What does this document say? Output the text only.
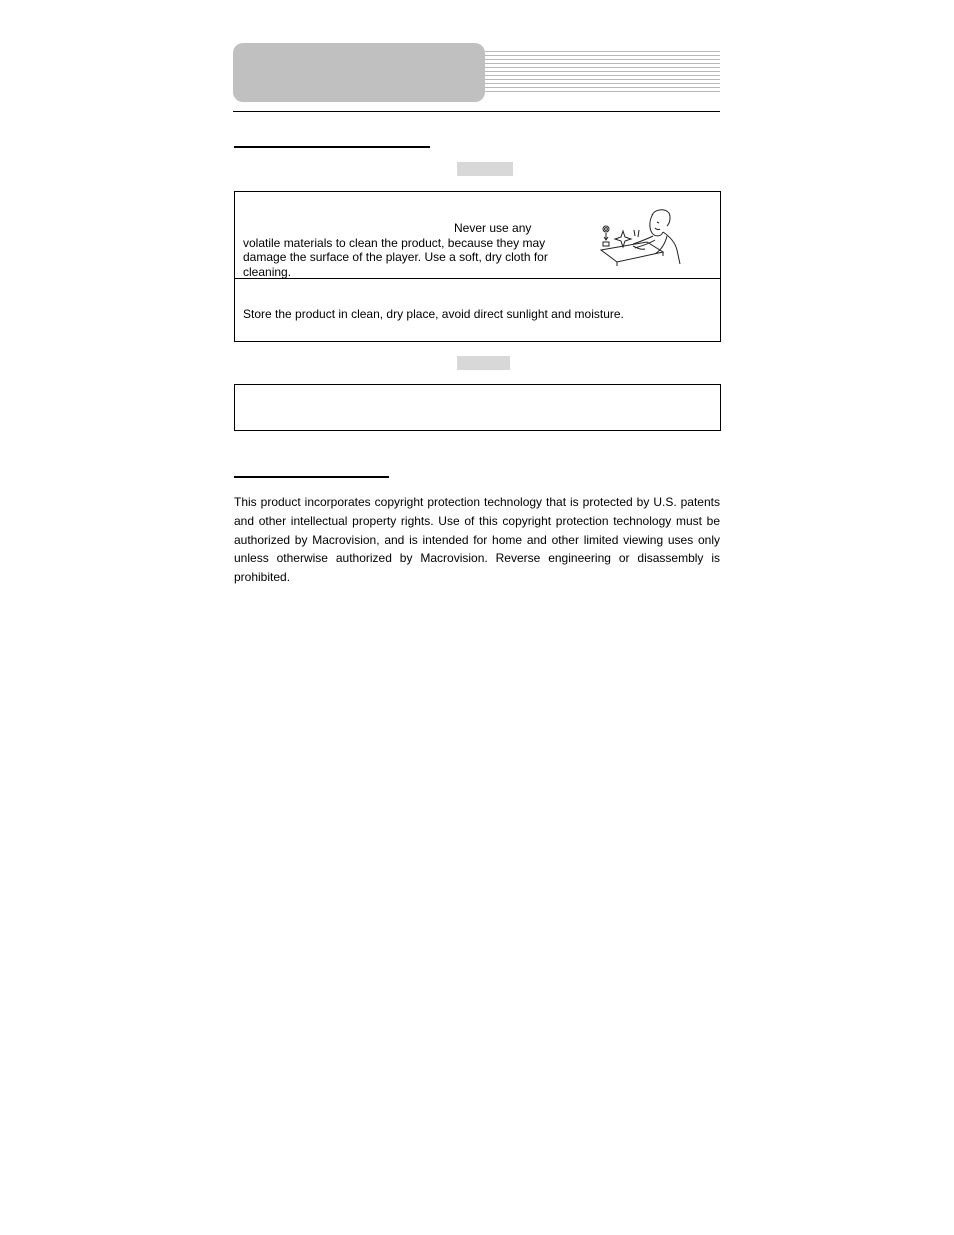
Never use any
volatile materials to clean the product, because they may damage the surface of the player. Use a soft, dry cloth for cleaning.
Store the product in clean, dry place, avoid direct sunlight and moisture.

This product incorporates copyright protection technology that is protected by U.S. patents and other intellectual property rights. Use of this copyright protection technology must be authorized by Macrovision, and is intended for home and other limited viewing uses only unless otherwise authorized by Macrovision. Reverse engineering or disassembly is prohibited.
